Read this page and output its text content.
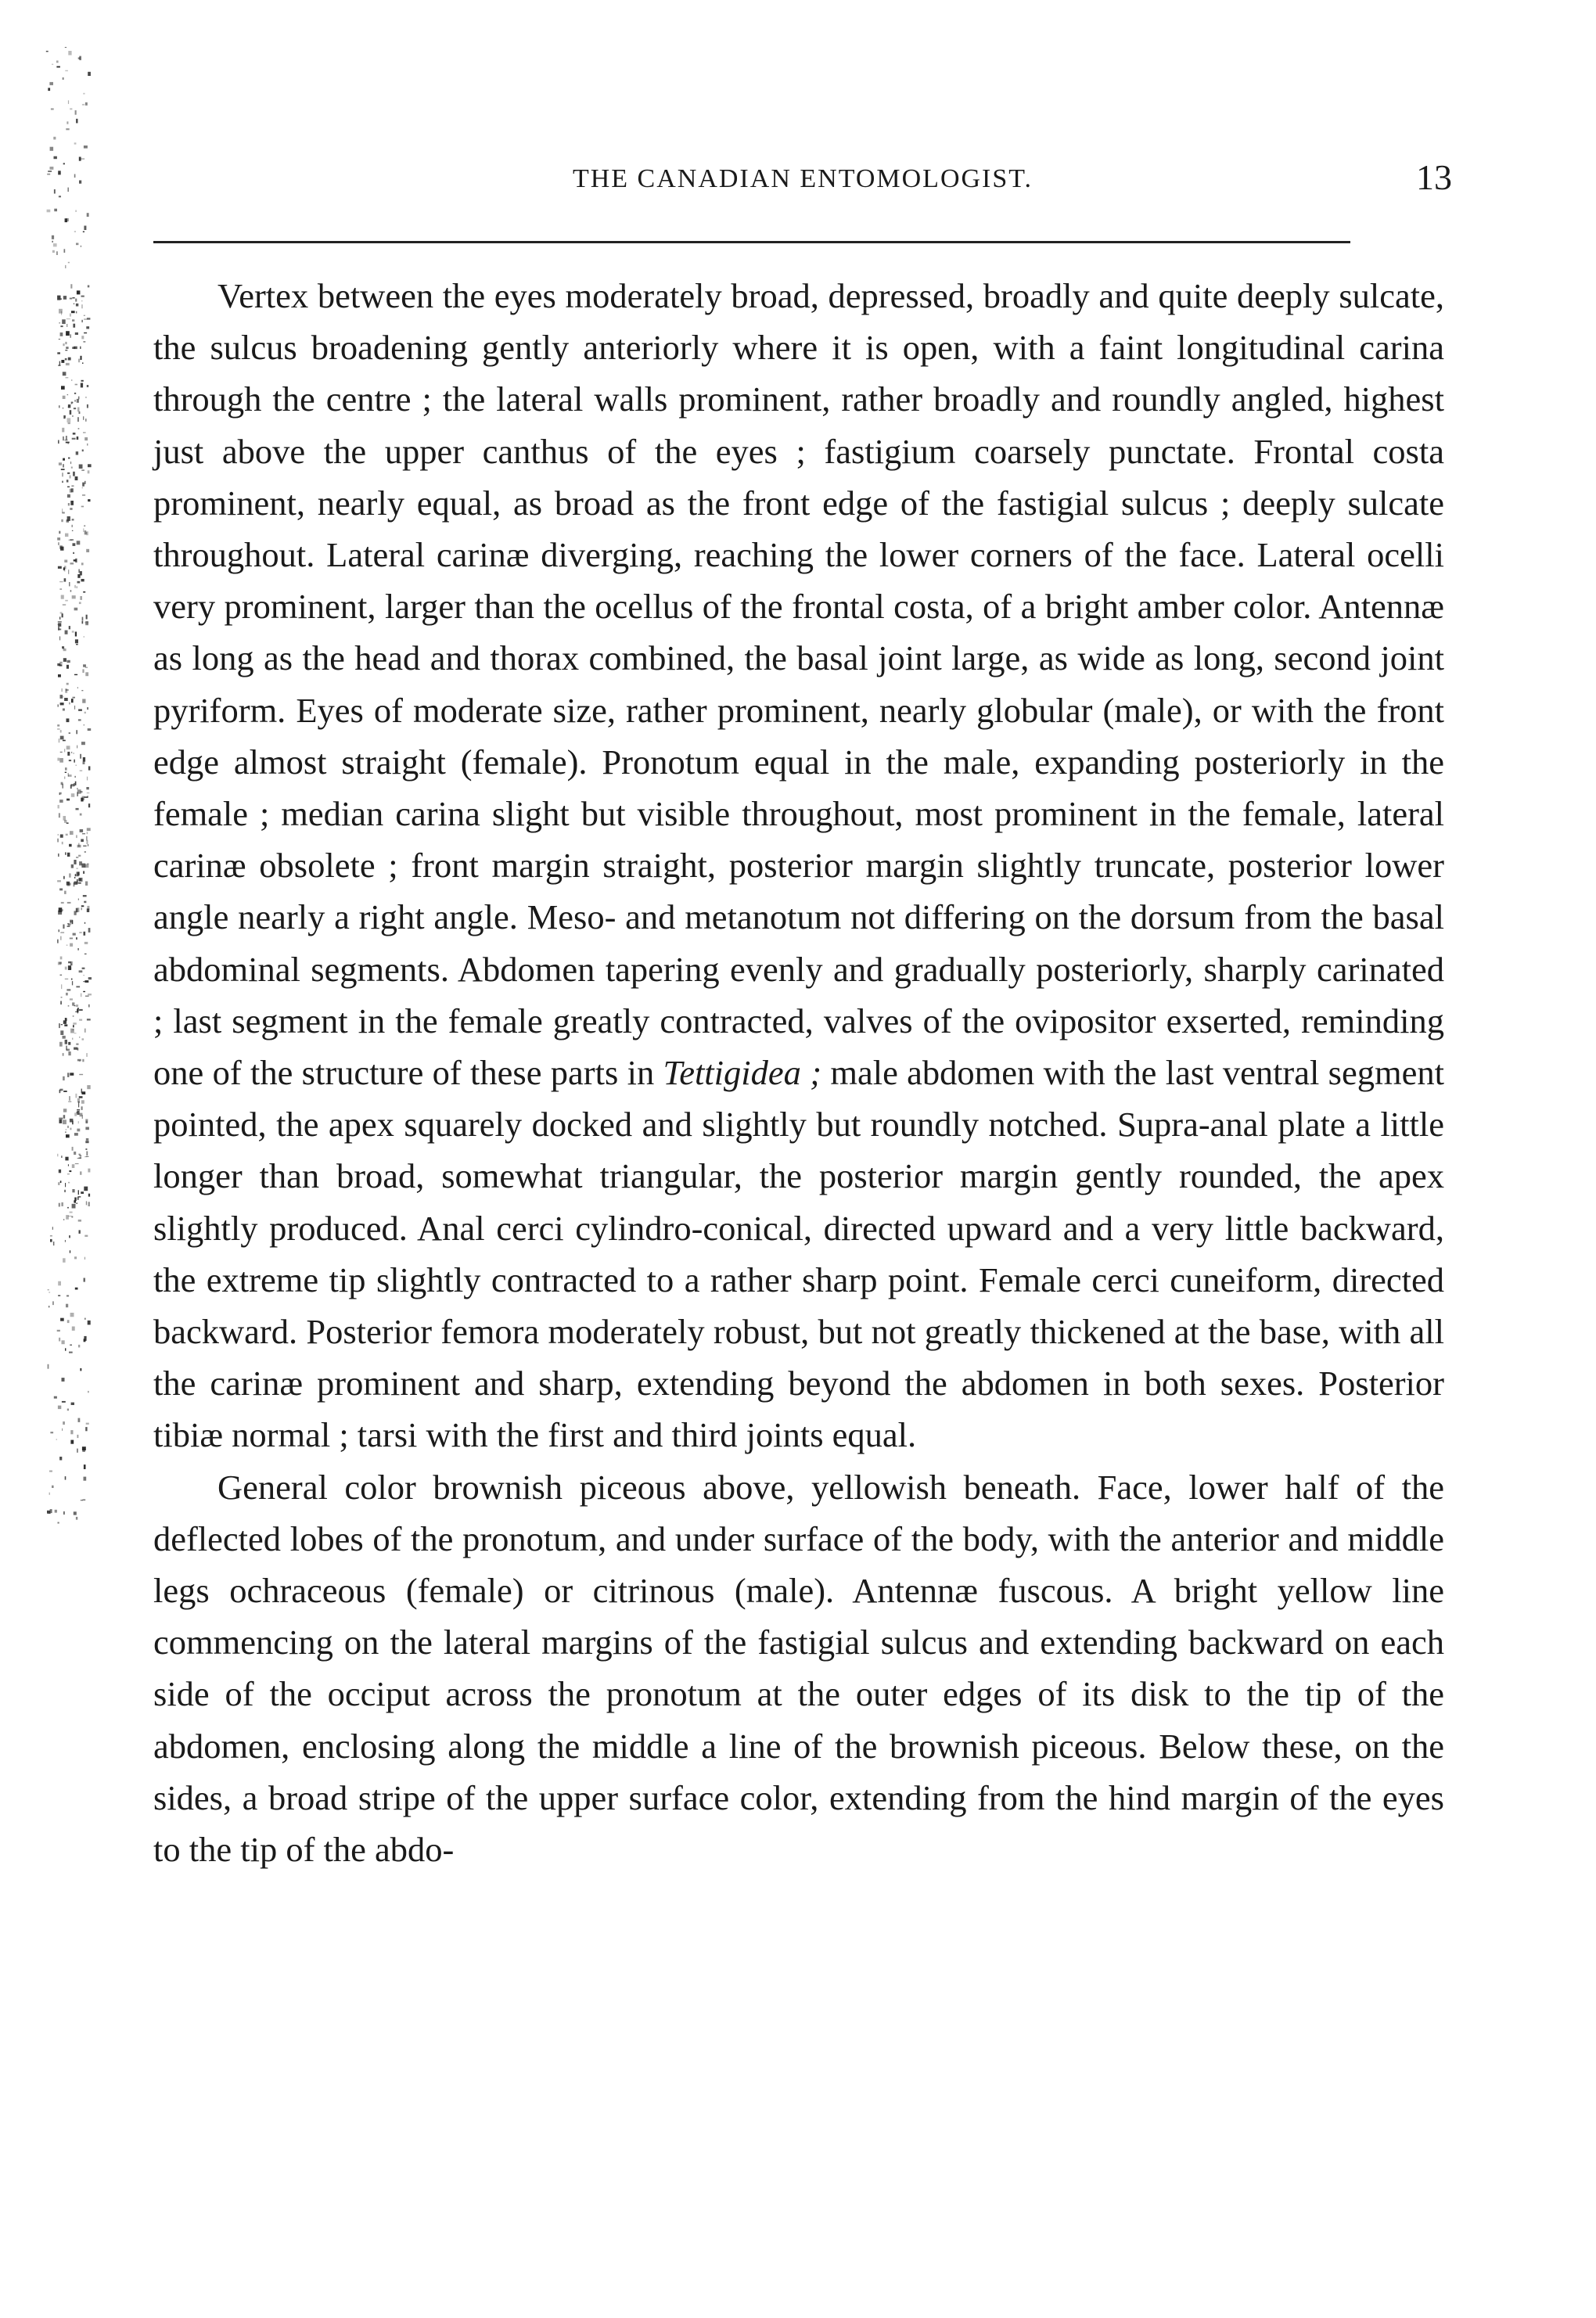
THE CANADIAN ENTOMOLOGIST.	13

Vertex between the eyes moderately broad, depressed, broadly and quite deeply sulcate, the sulcus broadening gently anteriorly where it is open, with a faint longitudinal carina through the centre ; the lateral walls prominent, rather broadly and roundly angled, highest just above the upper canthus of the eyes ; fastigium coarsely punctate. Frontal costa prominent, nearly equal, as broad as the front edge of the fastigial sulcus ; deeply sulcate throughout. Lateral carinæ diverging, reaching the lower corners of the face. Lateral ocelli very prominent, larger than the ocellus of the frontal costa, of a bright amber color. Antennæ as long as the head and thorax combined, the basal joint large, as wide as long, second joint pyriform. Eyes of moderate size, rather prominent, nearly globular (male), or with the front edge almost straight (female). Pronotum equal in the male, expanding posteriorly in the female ; median carina slight but visible throughout, most prominent in the female, lateral carinæ obsolete ; front margin straight, posterior margin slightly truncate, posterior lower angle nearly a right angle. Meso- and metanotum not differing on the dorsum from the basal abdominal segments. Abdomen tapering evenly and gradually posteriorly, sharply carinated ; last segment in the female greatly contracted, valves of the ovipositor exserted, reminding one of the structure of these parts in Tettigidea ; male abdomen with the last ventral segment pointed, the apex squarely docked and slightly but roundly notched. Supra-anal plate a little longer than broad, somewhat triangular, the posterior margin gently rounded, the apex slightly produced. Anal cerci cylindro-conical, directed upward and a very little backward, the extreme tip slightly contracted to a rather sharp point. Female cerci cuneiform, directed backward. Posterior femora moderately robust, but not greatly thickened at the base, with all the carinæ prominent and sharp, extending beyond the abdomen in both sexes. Posterior tibiæ normal ; tarsi with the first and third joints equal.

General color brownish piceous above, yellowish beneath. Face, lower half of the deflected lobes of the pronotum, and under surface of the body, with the anterior and middle legs ochraceous (female) or citrinous (male). Antennæ fuscous. A bright yellow line commencing on the lateral margins of the fastigial sulcus and extending backward on each side of the occiput across the pronotum at the outer edges of its disk to the tip of the abdomen, enclosing along the middle a line of the brownish piceous. Below these, on the sides, a broad stripe of the upper surface color, extending from the hind margin of the eyes to the tip of the abdo-
